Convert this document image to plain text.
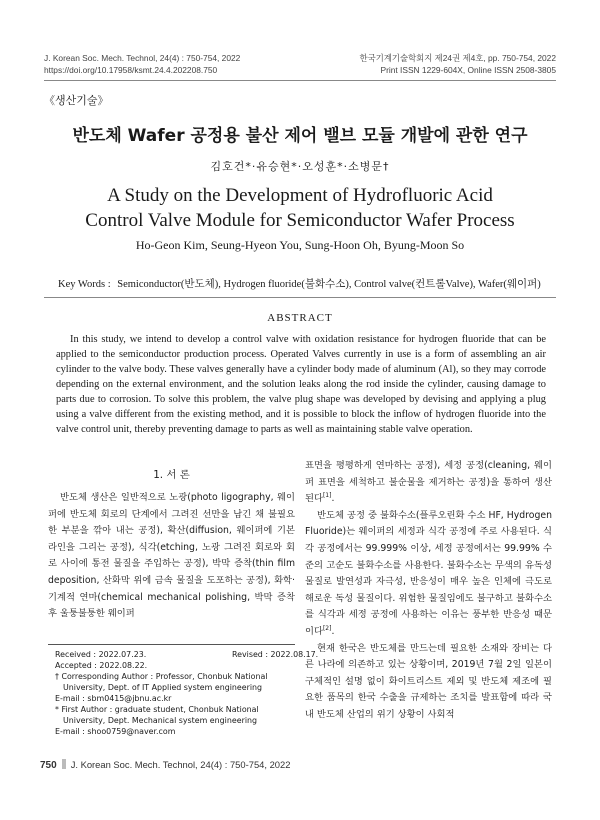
J. Korean Soc. Mech. Technol, 24(4) : 750-754, 2022
https://doi.org/10.17958/ksmt.24.4.202208.750
한국기계기술학회지 제24권 제4호, pp. 750-754, 2022
Print ISSN 1229-604X, Online ISSN 2508-3805
《생산기술》
반도체 Wafer 공정용 불산 제어 밸브 모듈 개발에 관한 연구
김호건*·유승현*·오성훈*·소병문†
A Study on the Development of Hydrofluoric Acid
Control Valve Module for Semiconductor Wafer Process
Ho-Geon Kim, Seung-Hyeon You, Sung-Hoon Oh, Byung-Moon So
Key Words : Semiconductor(반도체), Hydrogen fluoride(불화수소), Control valve(컨트롤Valve), Wafer(웨이퍼)
ABSTRACT
In this study, we intend to develop a control valve with oxidation resistance for hydrogen fluoride that can be applied to the semiconductor production process. Operated Valves currently in use is a form of assembling an air cylinder to the valve body. These valves generally have a cylinder body made of aluminum (Al), so they may corrode depending on the external environment, and the solution leaks along the rod inside the cylinder, causing damage to parts due to corrosion. To solve this problem, the valve plug shape was developed by devising and applying a plug using a valve different from the existing method, and it is possible to block the inflow of hydrogen fluoride into the valve control unit, thereby preventing damage to parts as well as maintaining stable valve operation.
1. 서 론

반도체 생산은 일반적으로 노광(photo ligography, 웨이퍼에 반도체 회로의 단계에서 그려진 선만을 남긴 채 불필요한 부분을 깎아 내는 공정), 확산(diffusion, 웨이퍼에 기본 라인을 그리는 공정), 식각(etching, 노광 그려진 회로와 회로 사이에 통전 물질을 주입하는 공정), 박막 증착(thin film deposition, 산화막 위에 금속 물질을 도포하는 공정), 화학·기계적 연마(chemical mechanical polishing, 박막 증착 후 울퉁불퉁한 웨이퍼

표면을 평평하게 연마하는 공정), 세정 공정(cleaning, 웨이퍼 표면을 세척하고 불순물을 제거하는 공정)을 통하여 생산된다[1].

반도체 공정 중 불화수소(플루오린화 수소 HF, Hydrogen Fluoride)는 웨이퍼의 세정과 식각 공정에 주로 사용된다. 식각 공정에서는 99.999% 이상, 세정 공정에서는 99.99% 수준의 고순도 불화수소를 사용한다. 불화수소는 무색의 유독성 물질로 발연성과 자극성, 반응성이 매우 높은 인체에 극도로 해로운 독성 물질이다. 위험한 물질임에도 불구하고 불화수소를 식각과 세정 공정에 사용하는 이유는 풍부한 반응성 때문이다[2].

현재 한국은 반도체를 만드는데 필요한 소재와 장비는 다른 나라에 의존하고 있는 상황이며, 2019년 7월 2일 일본이 구체적인 설명 없이 화이트리스트 제외 및 반도체 제조에 필요한 품목의 한국 수출을 규제하는 조치를 발표함에 따라 국내 반도체 산업의 위기 상황이 사회적

Received : 2022.07.23.	Revised : 2022.08.17.
Accepted : 2022.08.22.
† Corresponding Author : Professor, Chonbuk National University, Dept. of IT Applied system engineering
E-mail : sbm0415@jbnu.ac.kr
* First Author : graduate student, Chonbuk National University, Dept. Mechanical system engineering
E-mail : shoo0759@naver.com
750 J. Korean Soc. Mech. Technol, 24(4) : 750-754, 2022
